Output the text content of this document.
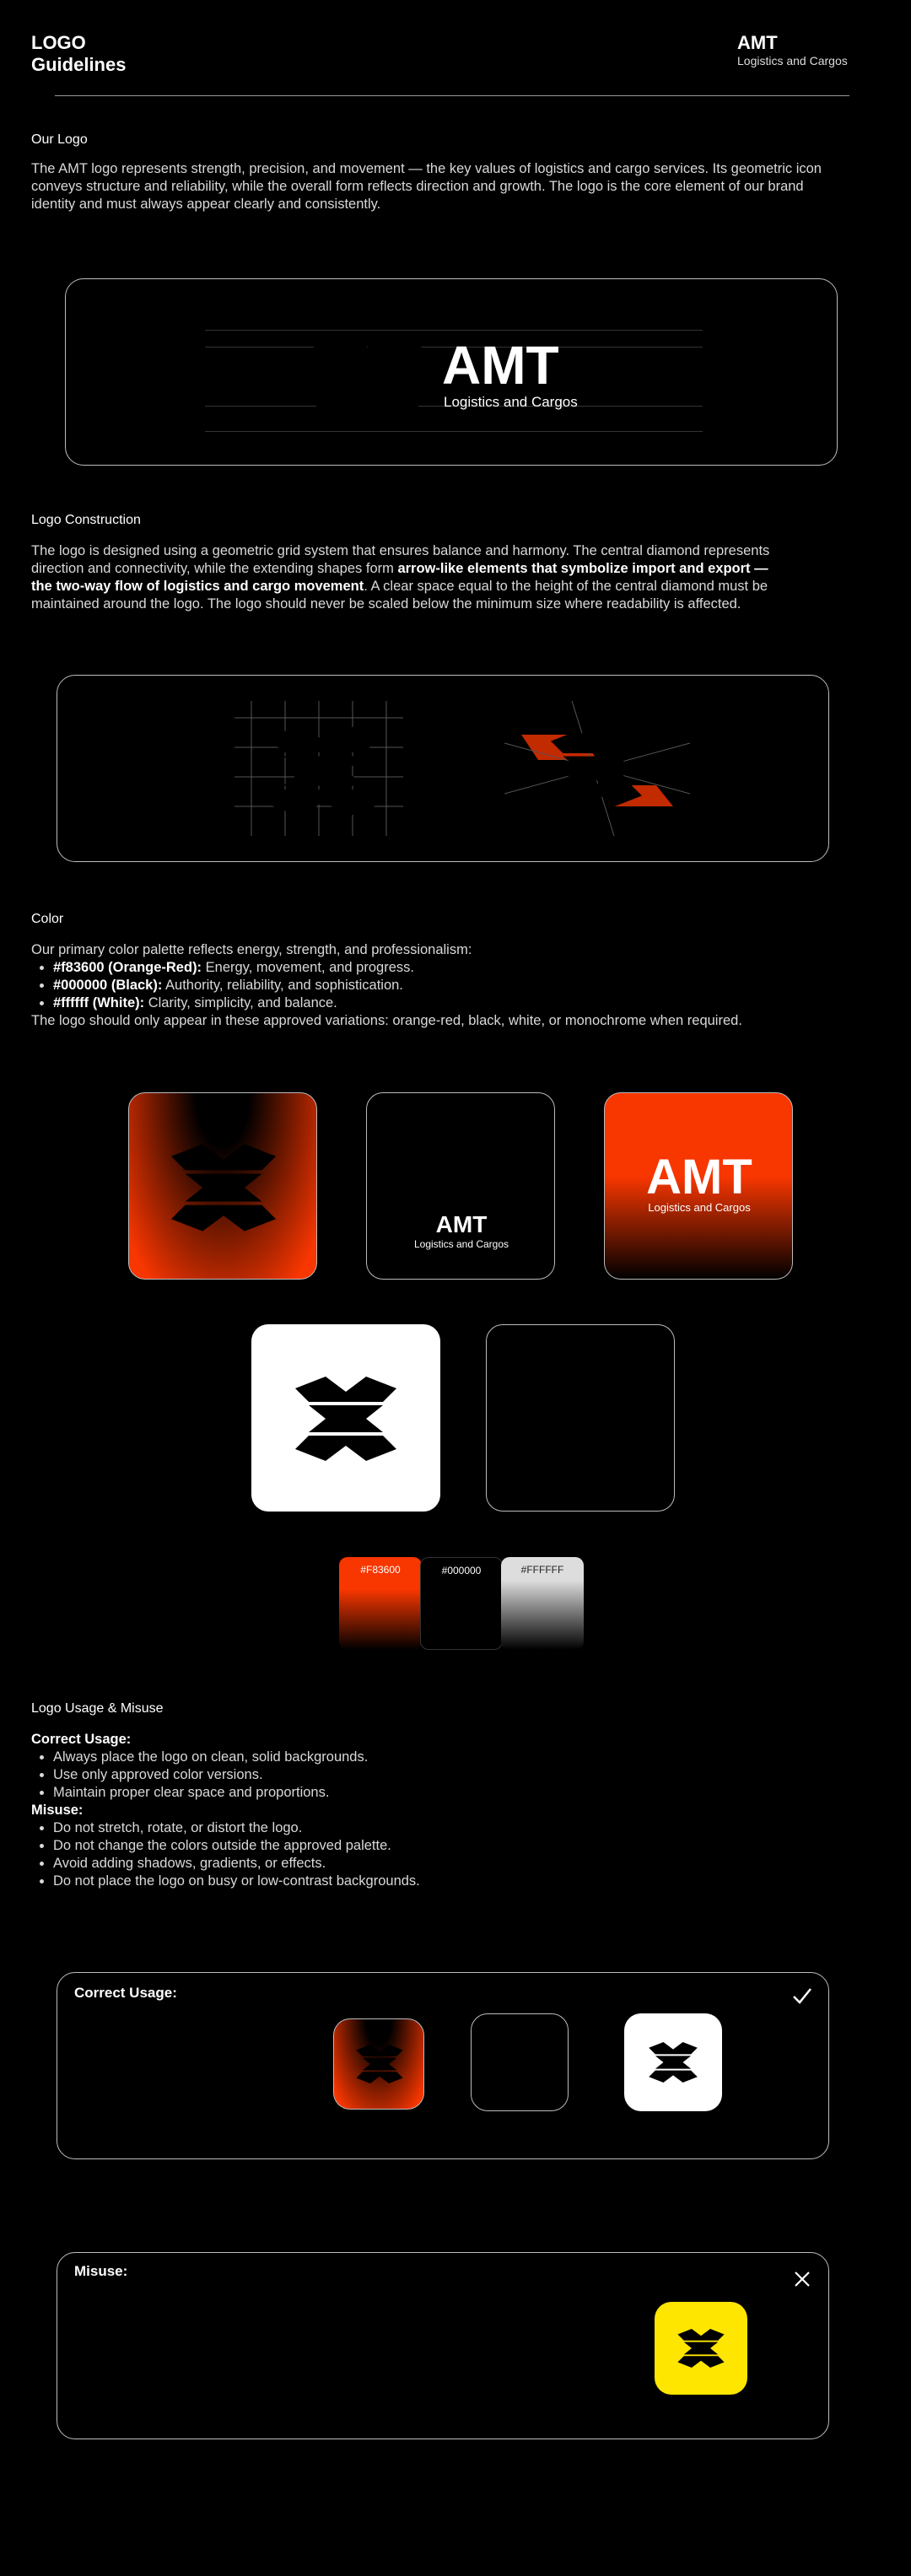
LOGO
Guidelines
AMT
Logistics and Cargos
Our Logo
The AMT logo represents strength, precision, and movement — the key values of logistics and cargo services. Its geometric icon conveys structure and reliability, while the overall form reflects direction and growth. The logo is the core element of our brand identity and must always appear clearly and consistently.
AMT
Logistics and Cargos
Logo Construction
The logo is designed using a geometric grid system that ensures balance and harmony. The central diamond represents direction and connectivity, while the extending shapes form arrow-like elements that symbolize import and export — the two-way flow of logistics and cargo movement. A clear space equal to the height of the central diamond must be maintained around the logo. The logo should never be scaled below the minimum size where readability is affected.
Color
Our primary color palette reflects energy, strength, and professionalism:
• #f83600 (Orange-Red): Energy, movement, and progress.
• #000000 (Black): Authority, reliability, and sophistication.
• #ffffff (White): Clarity, simplicity, and balance.
The logo should only appear in these approved variations: orange-red, black, white, or monochrome when required.
AMT
Logistics and Cargos
AMT
Logistics and Cargos
#F83600	#000000	#FFFFFF
Logo Usage & Misuse
Correct Usage:
• Always place the logo on clean, solid backgrounds.
• Use only approved color versions.
• Maintain proper clear space and proportions.
Misuse:
• Do not stretch, rotate, or distort the logo.
• Do not change the colors outside the approved palette.
• Avoid adding shadows, gradients, or effects.
• Do not place the logo on busy or low-contrast backgrounds.
Correct Usage:
Misuse:
